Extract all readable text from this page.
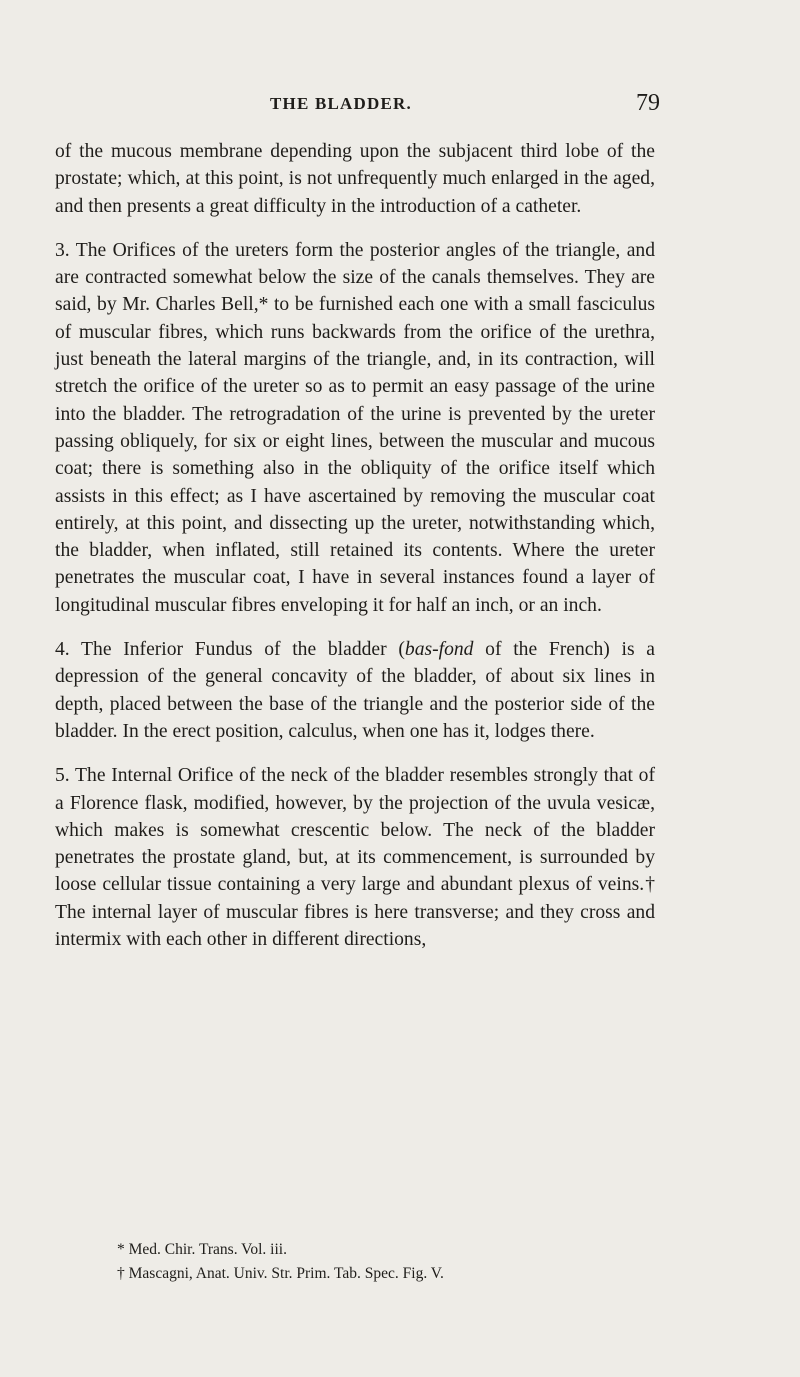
THE BLADDER.	79

of the mucous membrane depending upon the subjacent third lobe of the prostate; which, at this point, is not unfrequently much enlarged in the aged, and then presents a great difficulty in the introduction of a catheter.

3. The Orifices of the ureters form the posterior angles of the triangle, and are contracted somewhat below the size of the canals themselves. They are said, by Mr. Charles Bell,* to be furnished each one with a small fasciculus of muscular fibres, which runs backwards from the orifice of the urethra, just beneath the lateral margins of the triangle, and, in its contraction, will stretch the orifice of the ureter so as to permit an easy passage of the urine into the bladder. The retrogradation of the urine is prevented by the ureter passing obliquely, for six or eight lines, between the muscular and mucous coat; there is something also in the obliquity of the orifice itself which assists in this effect; as I have ascertained by removing the muscular coat entirely, at this point, and dissecting up the ureter, notwithstanding which, the bladder, when inflated, still retained its contents. Where the ureter penetrates the muscular coat, I have in several instances found a layer of longitudinal muscular fibres enveloping it for half an inch, or an inch.

4. The Inferior Fundus of the bladder (bas-fond of the French) is a depression of the general concavity of the bladder, of about six lines in depth, placed between the base of the triangle and the posterior side of the bladder. In the erect position, calculus, when one has it, lodges there.

5. The Internal Orifice of the neck of the bladder resembles strongly that of a Florence flask, modified, however, by the projection of the uvula vesicæ, which makes is somewhat crescentic below. The neck of the bladder penetrates the prostate gland, but, at its commencement, is surrounded by loose cellular tissue containing a very large and abundant plexus of veins.† The internal layer of muscular fibres is here transverse; and they cross and intermix with each other in different directions,

* Med. Chir. Trans. Vol. iii.
† Mascagni, Anat. Univ. Str. Prim. Tab. Spec. Fig. V.
